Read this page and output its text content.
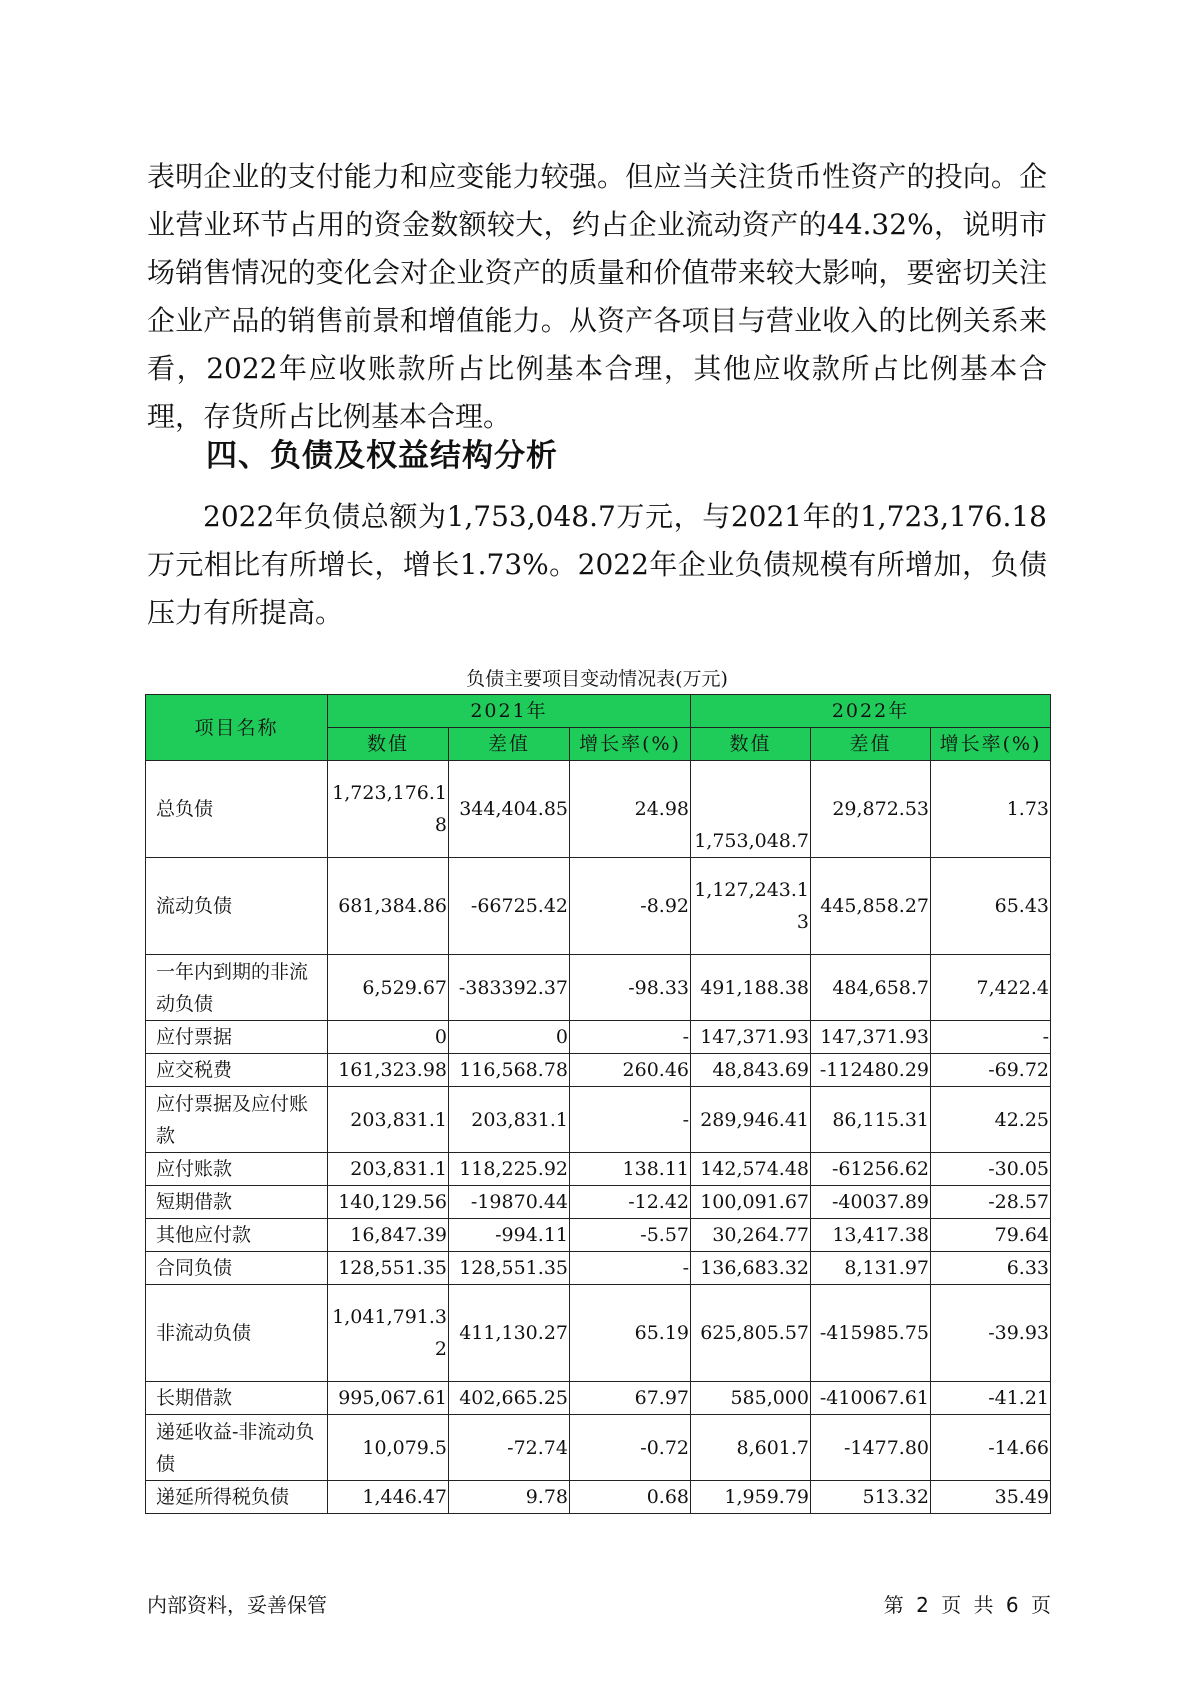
表明企业的支付能力和应变能力较强。但应当关注货币性资产的投向。企业营业环节占用的资金数额较大，约占企业流动资产的44.32%，说明市场销售情况的变化会对企业资产的质量和价值带来较大影响，要密切关注企业产品的销售前景和增值能力。从资产各项目与营业收入的比例关系来看，2022年应收账款所占比例基本合理，其他应收款所占比例基本合理，存货所占比例基本合理。
四、负债及权益结构分析
2022年负债总额为1,753,048.7万元，与2021年的1,723,176.18万元相比有所增长，增长1.73%。2022年企业负债规模有所增加，负债压力有所提高。
负债主要项目变动情况表(万元)
项目名称	2021年			2022年		
	数值	差值	增长率(%)	数值	差值	增长率(%)
总负债	1,723,176.18	344,404.85	24.98	1,753,048.7	29,872.53	1.73
流动负债	681,384.86	-66725.42	-8.92	1,127,243.13	445,858.27	65.43
一年内到期的非流动负债	6,529.67	-383392.37	-98.33	491,188.38	484,658.7	7,422.4
应付票据	0	0	-	147,371.93	147,371.93	-
应交税费	161,323.98	116,568.78	260.46	48,843.69	-112480.29	-69.72
应付票据及应付账款	203,831.1	203,831.1	-	289,946.41	86,115.31	42.25
应付账款	203,831.1	118,225.92	138.11	142,574.48	-61256.62	-30.05
短期借款	140,129.56	-19870.44	-12.42	100,091.67	-40037.89	-28.57
其他应付款	16,847.39	-994.11	-5.57	30,264.77	13,417.38	79.64
合同负债	128,551.35	128,551.35	-	136,683.32	8,131.97	6.33
非流动负债	1,041,791.32	411,130.27	65.19	625,805.57	-415985.75	-39.93
长期借款	995,067.61	402,665.25	67.97	585,000	-410067.61	-41.21
递延收益-非流动负债	10,079.5	-72.74	-0.72	8,601.7	-1477.80	-14.66
递延所得税负债	1,446.47	9.78	0.68	1,959.79	513.32	35.49
内部资料，妥善保管	第 2 页 共 6 页
